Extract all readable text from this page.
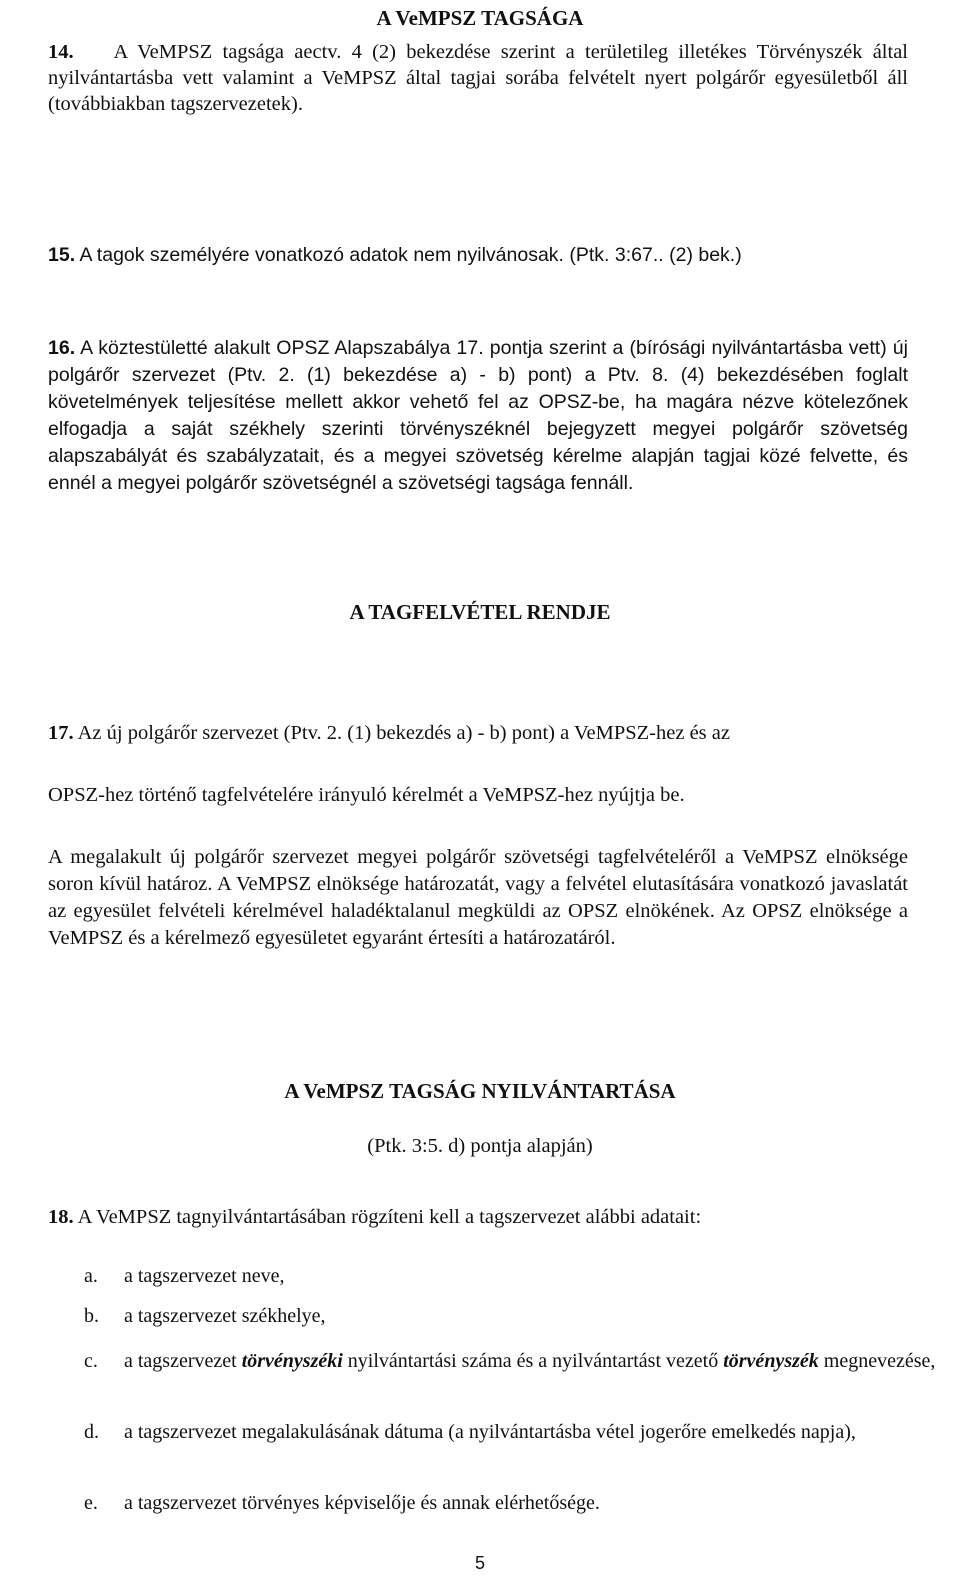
A VeMPSZ TAGSÁGA
14. A VeMPSZ tagsága aectv. 4 (2) bekezdése szerint a területileg illetékes Törvényszék által nyilvántartásba vett valamint a VeMPSZ által tagjai sorába felvételt nyert polgárőr egyesületből áll (továbbiakban tagszervezetek).
15. A tagok személyére vonatkozó adatok nem nyilvánosak. (Ptk. 3:67.. (2) bek.)
16. A köztestületté alakult OPSZ Alapszabálya 17. pontja szerint a (bírósági nyilvántartásba vett) új polgárőr szervezet (Ptv. 2. (1) bekezdése a) - b) pont) a Ptv. 8. (4) bekezdésében foglalt követelmények teljesítése mellett akkor vehető fel az OPSZ-be, ha magára nézve kötelezőnek elfogadja a saját székhely szerinti törvényszéknél bejegyzett megyei polgárőr szövetség alapszabályát és szabályzatait, és a megyei szövetség kérelme alapján tagjai közé felvette, és ennél a megyei polgárőr szövetségnél a szövetségi tagsága fennáll.
A TAGFELVÉTEL RENDJE
17. Az új polgárőr szervezet (Ptv. 2. (1) bekezdés a) - b) pont) a VeMPSZ-hez és az
OPSZ-hez történő tagfelvételére irányuló kérelmét a VeMPSZ-hez nyújtja be.
A megalakult új polgárőr szervezet megyei polgárőr szövetségi tagfelvételéről a VeMPSZ elnöksége soron kívül határoz. A VeMPSZ elnöksége határozatát, vagy a felvétel elutasítására vonatkozó javaslatát az egyesület felvételi kérelmével haladéktalanul megküldi az OPSZ elnökének. Az OPSZ elnöksége a VeMPSZ és a kérelmező egyesületet egyaránt értesíti a határozatáról.
A VeMPSZ TAGSÁG NYILVÁNTARTÁSA
(Ptk. 3:5. d) pontja alapján)
18. A VeMPSZ tagnyilvántartásában rögzíteni kell a tagszervezet alábbi adatait:
a. a tagszervezet neve,
b. a tagszervezet székhelye,
c. a tagszervezet törvényszéki nyilvántartási száma és a nyilvántartást vezető törvényszék megnevezése,
d. a tagszervezet megalakulásának dátuma (a nyilvántartásba vétel jogerőre emelkedés napja),
e. a tagszervezet törvényes képviselője és annak elérhetősége.
5
